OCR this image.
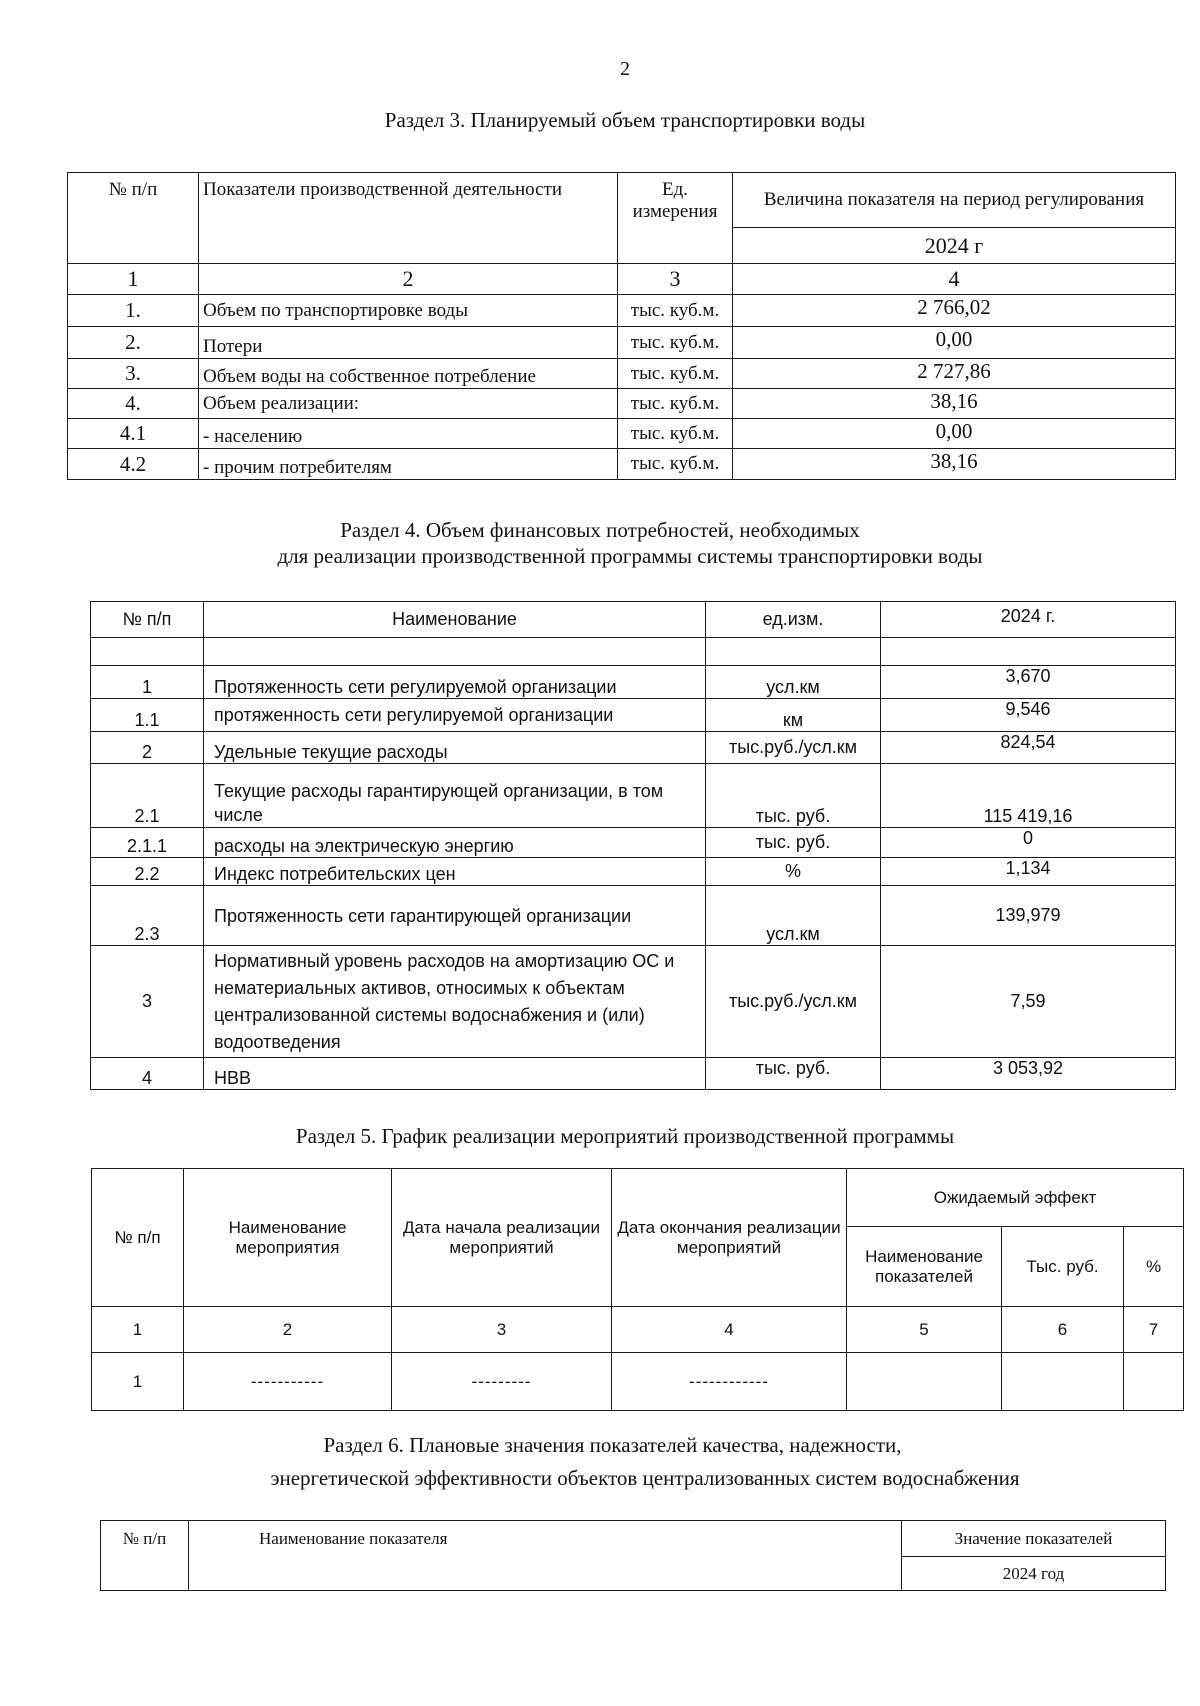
2
Раздел 3. Планируемый объем транспортировки воды
№ п/п	Показатели производственной деятельности	Ед. измерения	Величина показателя на период регулирования
			2024 г
1	2	3	4
1.	Объем по транспортировке воды	тыс. куб.м.	2 766,02
2.	Потери	тыс. куб.м.	0,00
3.	Объем воды на собственное потребление	тыс. куб.м.	2 727,86
4.	Объем реализации:	тыс. куб.м.	38,16
4.1	- населению	тыс. куб.м.	0,00
4.2	- прочим потребителям	тыс. куб.м.	38,16
Раздел 4. Объем финансовых потребностей, необходимых
для реализации производственной программы системы транспортировки воды
№ п/п	Наименование	ед.изм.	2024 г.

1	Протяженность сети регулируемой организации	усл.км	3,670
1.1	протяженность сети регулируемой организации	км	9,546
2	Удельные текущие расходы	тыс.руб./усл.км	824,54
2.1	Текущие расходы гарантирующей организации, в том числе	тыс. руб.	115 419,16
2.1.1	расходы на электрическую энергию	тыс. руб.	0
2.2	Индекс потребительских цен	%	1,134
2.3	Протяженность сети гарантирующей организации	усл.км	139,979
3	Нормативный уровень расходов на амортизацию ОС и нематериальных активов, относимых к объектам централизованной системы водоснабжения и (или) водоотведения	тыс.руб./усл.км	7,59
4	НВВ	тыс. руб.	3 053,92
Раздел 5. График реализации мероприятий производственной программы
№ п/п	Наименование мероприятия	Дата начала реализации мероприятий	Дата окончания реализации мероприятий	Ожидаемый эффект		
				Наименование показателей	Тыс. руб.	%
1	2	3	4	5	6	7
1	-----------	---------	------------			
Раздел 6. Плановые значения показателей качества, надежности,
энергетической эффективности объектов централизованных систем водоснабжения
№ п/п	Наименование показателя	Значение показателей
2024 год
